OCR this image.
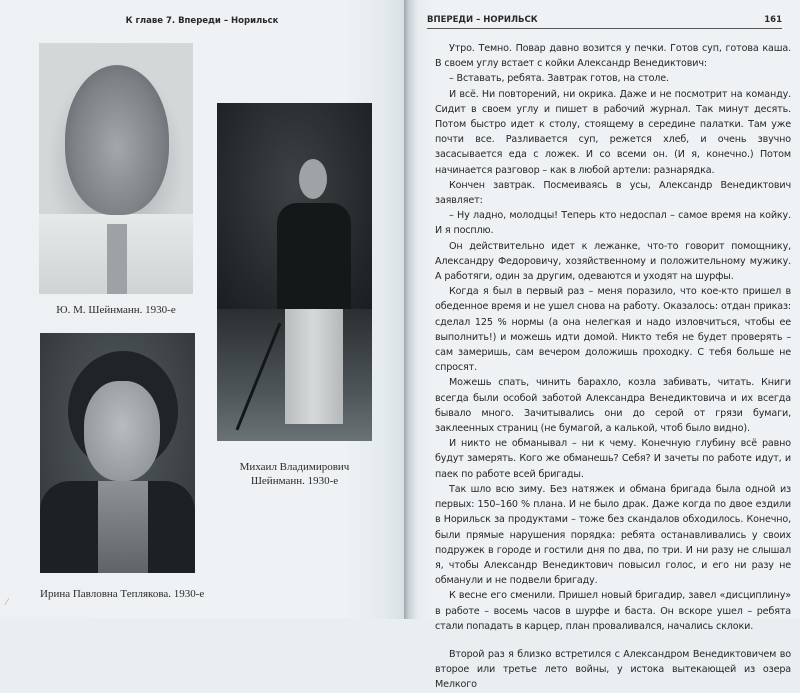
К главе 7. Впереди – Норильск
Ю. М. Шейнманн. 1930-е
Михаил Владимирович
Шейнманн. 1930-е
Ирина Павловна Теплякова. 1930-е
⁄
ВПЕРЕДИ – НОРИЛЬСК	161

Утро. Темно. Повар давно возится у печки. Готов суп, готова каша. В своем углу встает с койки Александр Венедиктович:

– Вставать, ребята. Завтрак готов, на столе.

И всё. Ни повторений, ни окрика. Даже и не посмотрит на команду. Сидит в своем углу и пишет в рабочий журнал. Так минут десять. Потом быстро идет к столу, стоящему в середине палатки. Там уже почти все. Разливается суп, режется хлеб, и очень звучно засасывается еда с ложек. И со всеми он. (И я, конечно.) Потом начинается разговор – как в любой артели: разнарядка.

Кончен завтрак. Посмеиваясь в усы, Александр Венедиктович заявляет:

– Ну ладно, молодцы! Теперь кто недоспал – самое время на койку. И я посплю.

Он действительно идет к лежанке, что-то говорит помощнику, Александру Федоровичу, хозяйственному и положительному мужику. А работяги, один за другим, одеваются и уходят на шурфы.

Когда я был в первый раз – меня поразило, что кое-кто пришел в обеденное время и не ушел снова на работу. Оказалось: отдан приказ: сделал 125 % нормы (а она нелегкая и надо изловчиться, чтобы ее выполнить!) и можешь идти домой. Никто тебя не будет проверять – сам замеришь, сам вечером доложишь проходку. С тебя больше не спросят.

Можешь спать, чинить барахло, козла забивать, читать. Книги всегда были особой заботой Александра Венедиктовича и их всегда бывало много. Зачитывались они до серой от грязи бумаги, заклеенных страниц (не бумагой, а калькой, чтоб было видно).

И никто не обманывал – ни к чему. Конечную глубину всё равно будут замерять. Кого же обманешь? Себя? И зачеты по работе идут, и паек по работе всей бригады.

Так шло всю зиму. Без натяжек и обмана бригада была одной из первых: 150–160 % плана. И не было драк. Даже когда по двое ездили в Норильск за продуктами – тоже без скандалов обходилось. Конечно, были прямые нарушения порядка: ребята останавливались у своих подружек в городе и гостили дня по два, по три. И ни разу не слышал я, чтобы Александр Венедиктович повысил голос, и его ни разу не обманули и не подвели бригаду.

К весне его сменили. Пришел новый бригадир, завел «дисциплину» в работе – восемь часов в шурфе и баста. Он вскоре ушел – ребята стали попадать в карцер, план проваливался, начались склоки.

Второй раз я близко встретился с Александром Венедиктовичем во второе или третье лето войны, у истока вытекающей из озера Мелкого
